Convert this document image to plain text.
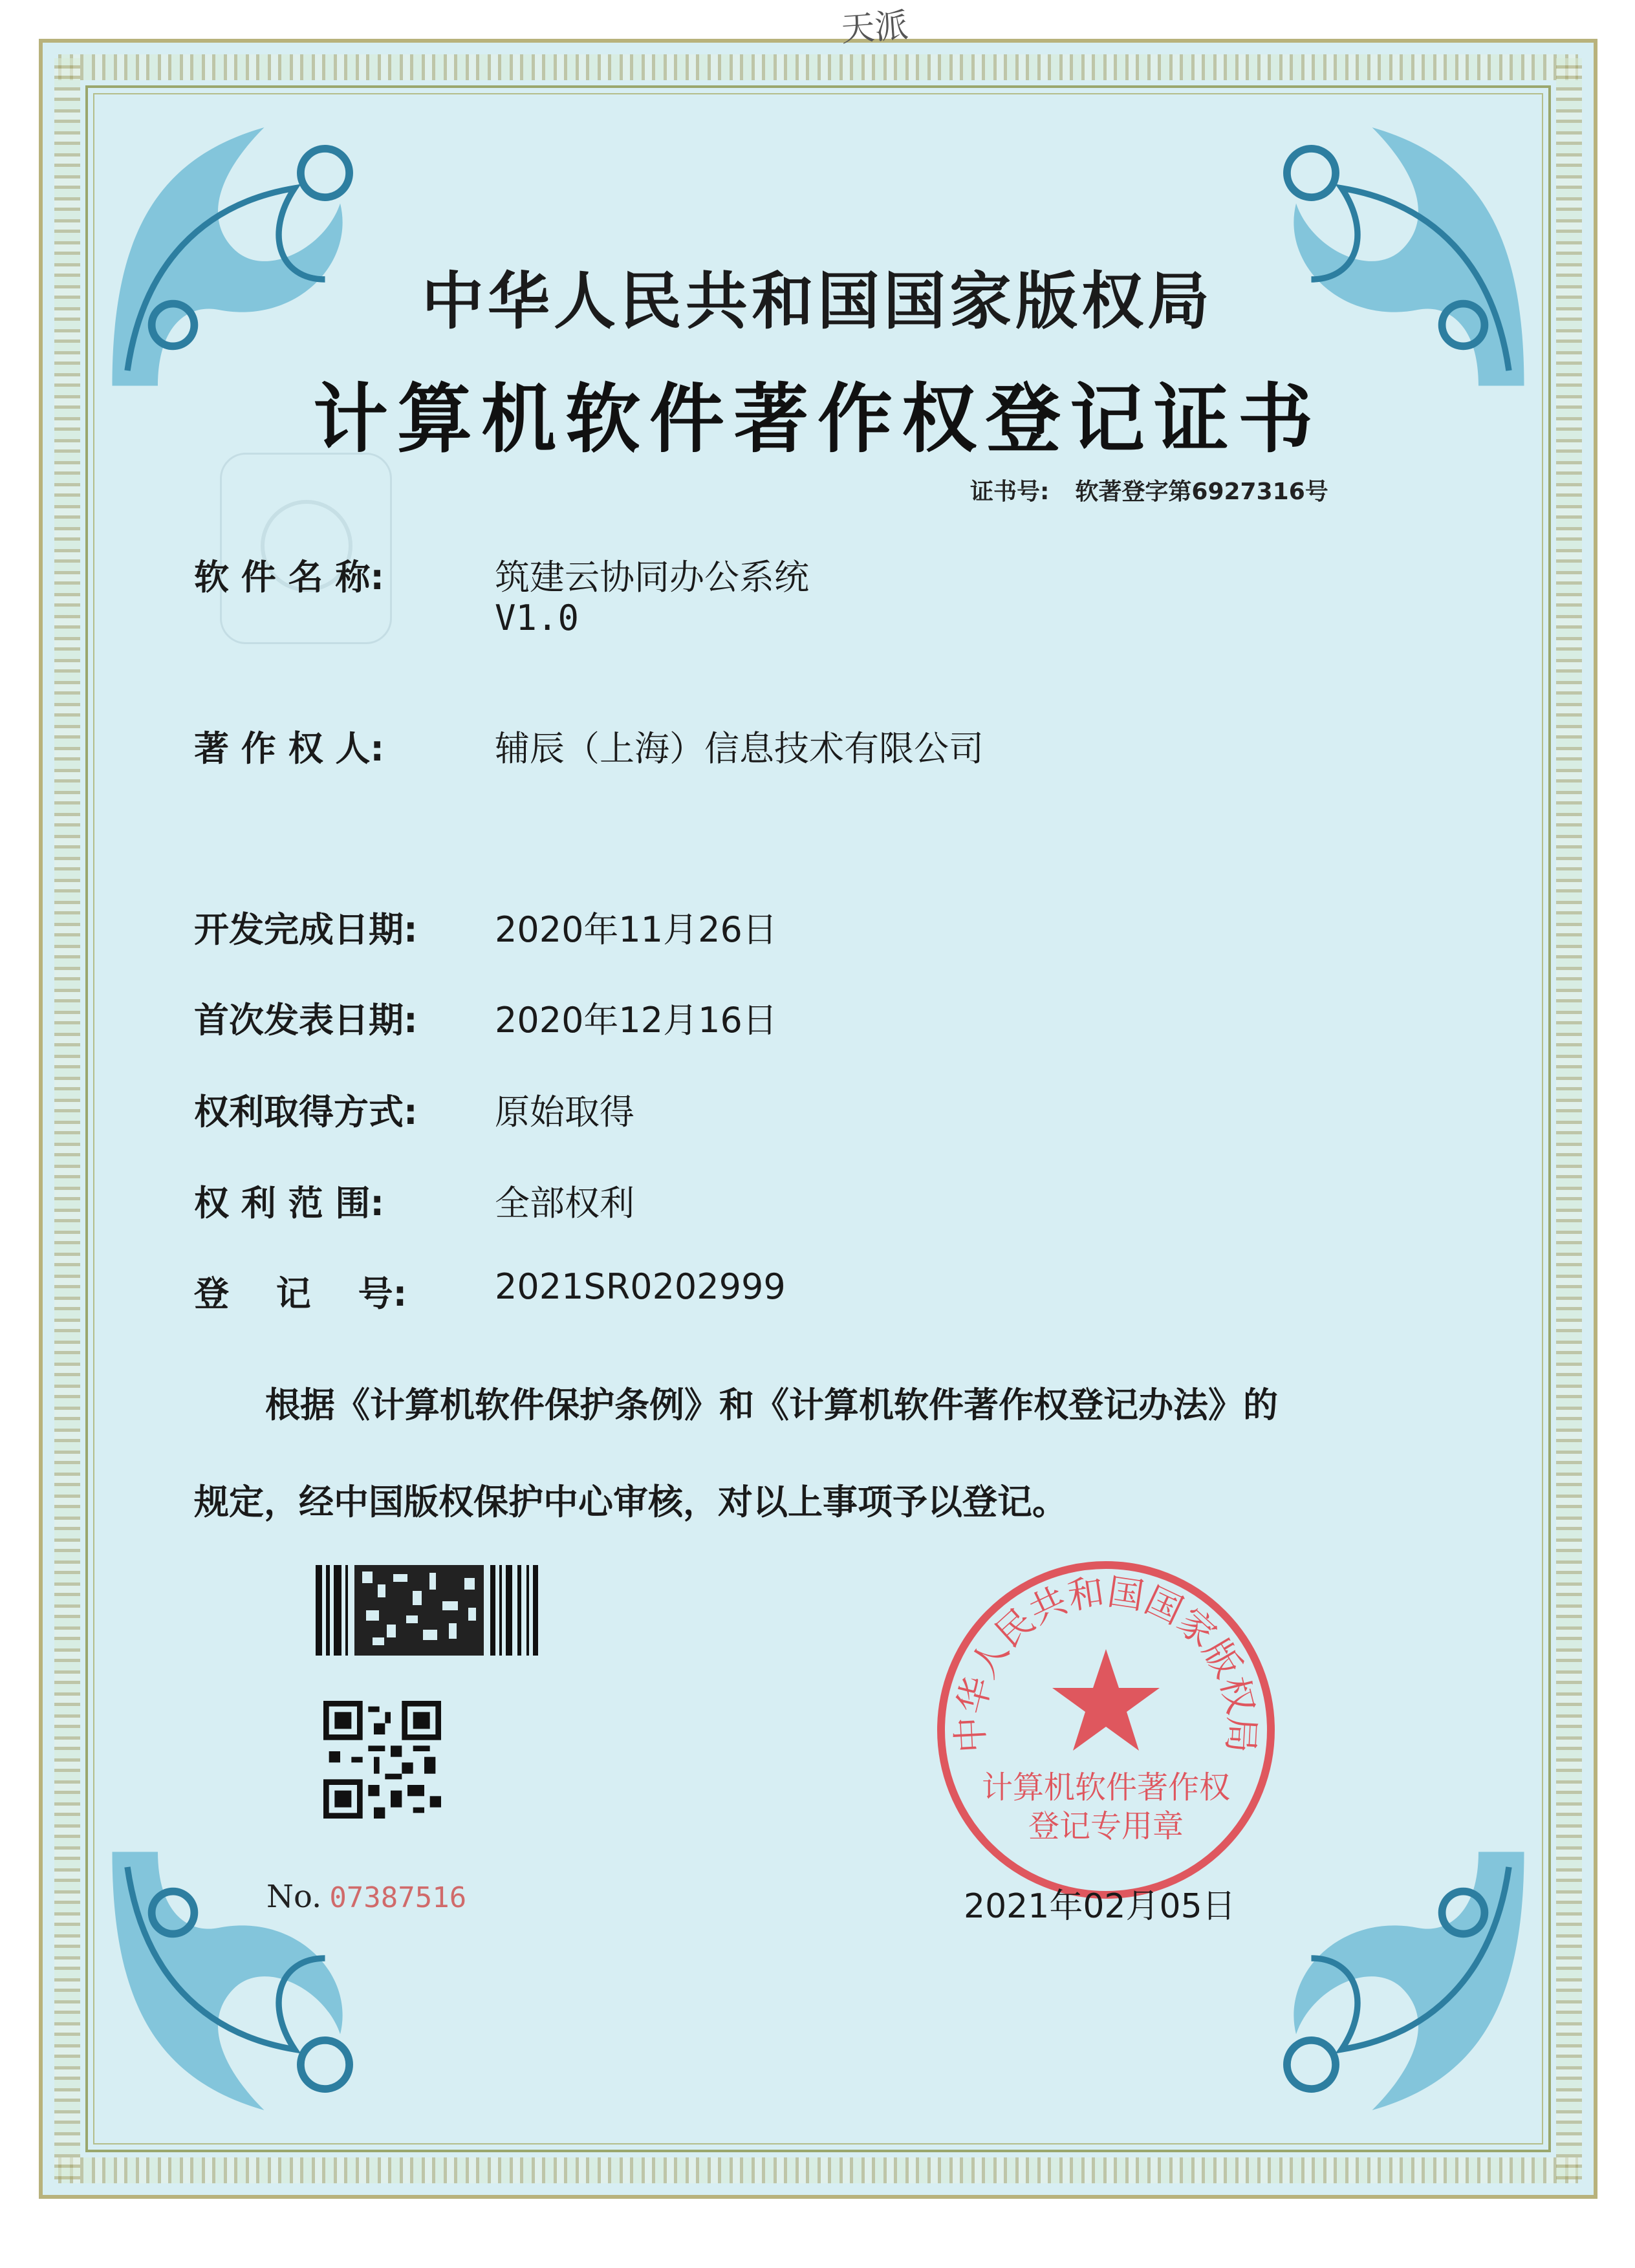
天派
中华人民共和国国家版权局
计算机软件著作权登记证书
证书号: 软著登字第6927316号
软 件 名 称:	筑建云协同办公系统
V1.0
著 作 权 人:	辅辰（上海）信息技术有限公司
开发完成日期: 2020年11月26日
首次发表日期: 2020年12月16日
权利取得方式: 原始取得
权 利 范 围:	全部权利
登　 记　 号:	2021SR0202999
根据《计算机软件保护条例》和《计算机软件著作权登记办法》的
规定，经中国版权保护中心审核，对以上事项予以登记。
No. 07387516
中华人民共和国国家版权局
计算机软件著作权
登记专用章
2021年02月05日
